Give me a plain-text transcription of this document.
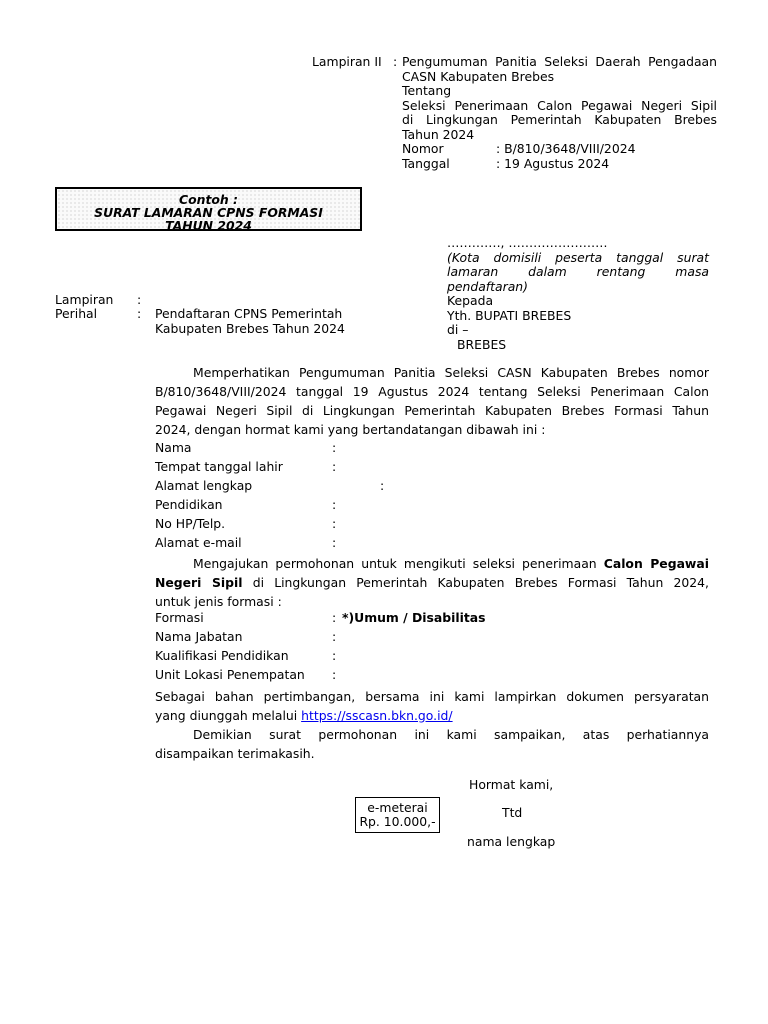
Lampiran II : Pengumuman Panitia Seleksi Daerah Pengadaan
CASN Kabupaten Brebes
Tentang
Seleksi Penerimaan Calon Pegawai Negeri Sipil
di Lingkungan Pemerintah Kabupaten Brebes
Tahun 2024
Nomor	: B/810/3648/VIII/2024
Tanggal	: 19 Agustus 2024
Contoh :
SURAT LAMARAN CPNS FORMASI
TAHUN 2024
…………., ……………………
(Kota domisili peserta tanggal surat
lamaran dalam rentang masa
pendaftaran)
Kepada
Yth. BUPATI BREBES
di –
BREBES
Lampiran :
Perihal	: Pendaftaran CPNS Pemerintah
Kabupaten Brebes Tahun 2024
Memperhatikan Pengumuman Panitia Seleksi CASN Kabupaten Brebes nomor
B/810/3648/VIII/2024 tanggal 19 Agustus 2024 tentang Seleksi Penerimaan Calon
Pegawai Negeri Sipil di Lingkungan Pemerintah Kabupaten Brebes Formasi Tahun
2024, dengan hormat kami yang bertandatangan dibawah ini :
Nama	:
Tempat tanggal lahir	:
Alamat lengkap	:
Pendidikan	:
No HP/Telp.	:
Alamat e-mail	:
Mengajukan permohonan untuk mengikuti seleksi penerimaan Calon Pegawai
Negeri Sipil di Lingkungan Pemerintah Kabupaten Brebes Formasi Tahun 2024,
untuk jenis formasi :
Formasi	: *)Umum / Disabilitas
Nama Jabatan	:
Kualifikasi Pendidikan	:
Unit Lokasi Penempatan :
Sebagai bahan pertimbangan, bersama ini kami lampirkan dokumen persyaratan
yang diunggah melalui https://sscasn.bkn.go.id/
Demikian surat permohonan ini kami sampaikan, atas perhatiannya
disampaikan terimakasih.
Hormat kami,
e-meterai
Rp. 10.000,-
Ttd
nama lengkap
